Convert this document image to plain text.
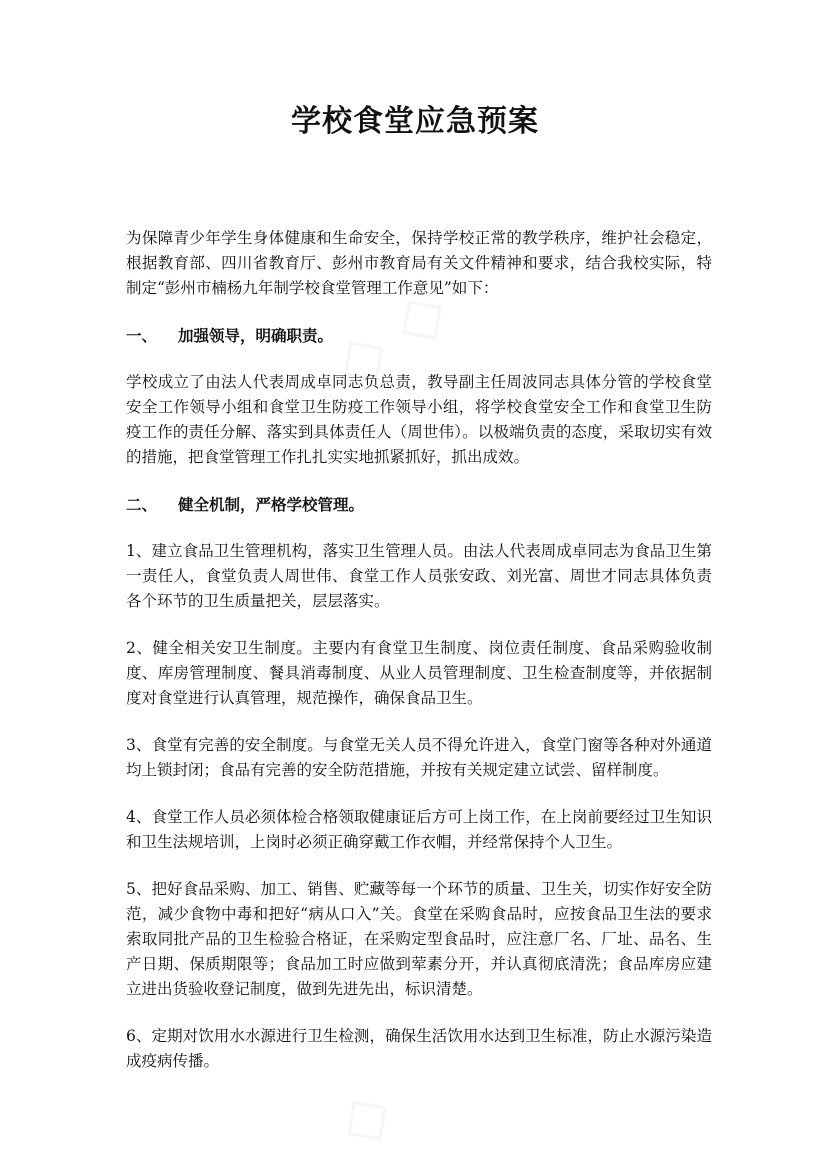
学校食堂应急预案

为保障青少年学生身体健康和生命安全，保持学校正常的教学秩序，维护社会稳定，根据教育部、四川省教育厅、彭州市教育局有关文件精神和要求，结合我校实际，特制定“彭州市楠杨九年制学校食堂管理工作意见”如下：

一、 加强领导，明确职责。

学校成立了由法人代表周成卓同志负总责，教导副主任周波同志具体分管的学校食堂安全工作领导小组和食堂卫生防疫工作领导小组，将学校食堂安全工作和食堂卫生防疫工作的责任分解、落实到具体责任人（周世伟）。以极端负责的态度，采取切实有效的措施，把食堂管理工作扎扎实实地抓紧抓好，抓出成效。

二、 健全机制，严格学校管理。

1、建立食品卫生管理机构，落实卫生管理人员。由法人代表周成卓同志为食品卫生第一责任人，食堂负责人周世伟、食堂工作人员张安政、刘光富、周世才同志具体负责各个环节的卫生质量把关，层层落实。

2、健全相关安卫生制度。主要内有食堂卫生制度、岗位责任制度、食品采购验收制度、库房管理制度、餐具消毒制度、从业人员管理制度、卫生检查制度等，并依据制度对食堂进行认真管理，规范操作，确保食品卫生。

3、食堂有完善的安全制度。与食堂无关人员不得允许进入，食堂门窗等各种对外通道均上锁封闭；食品有完善的安全防范措施，并按有关规定建立试尝、留样制度。

4、食堂工作人员必须体检合格领取健康证后方可上岗工作，在上岗前要经过卫生知识和卫生法规培训，上岗时必须正确穿戴工作衣帽，并经常保持个人卫生。

5、把好食品采购、加工、销售、贮藏等每一个环节的质量、卫生关，切实作好安全防范，减少食物中毒和把好“病从口入”关。食堂在采购食品时，应按食品卫生法的要求索取同批产品的卫生检验合格证，在采购定型食品时，应注意厂名、厂址、品名、生产日期、保质期限等；食品加工时应做到荤素分开，并认真彻底清洗；食品库房应建立进出货验收登记制度，做到先进先出，标识清楚。

6、定期对饮用水水源进行卫生检测，确保生活饮用水达到卫生标准，防止水源污染造成疫病传播。
